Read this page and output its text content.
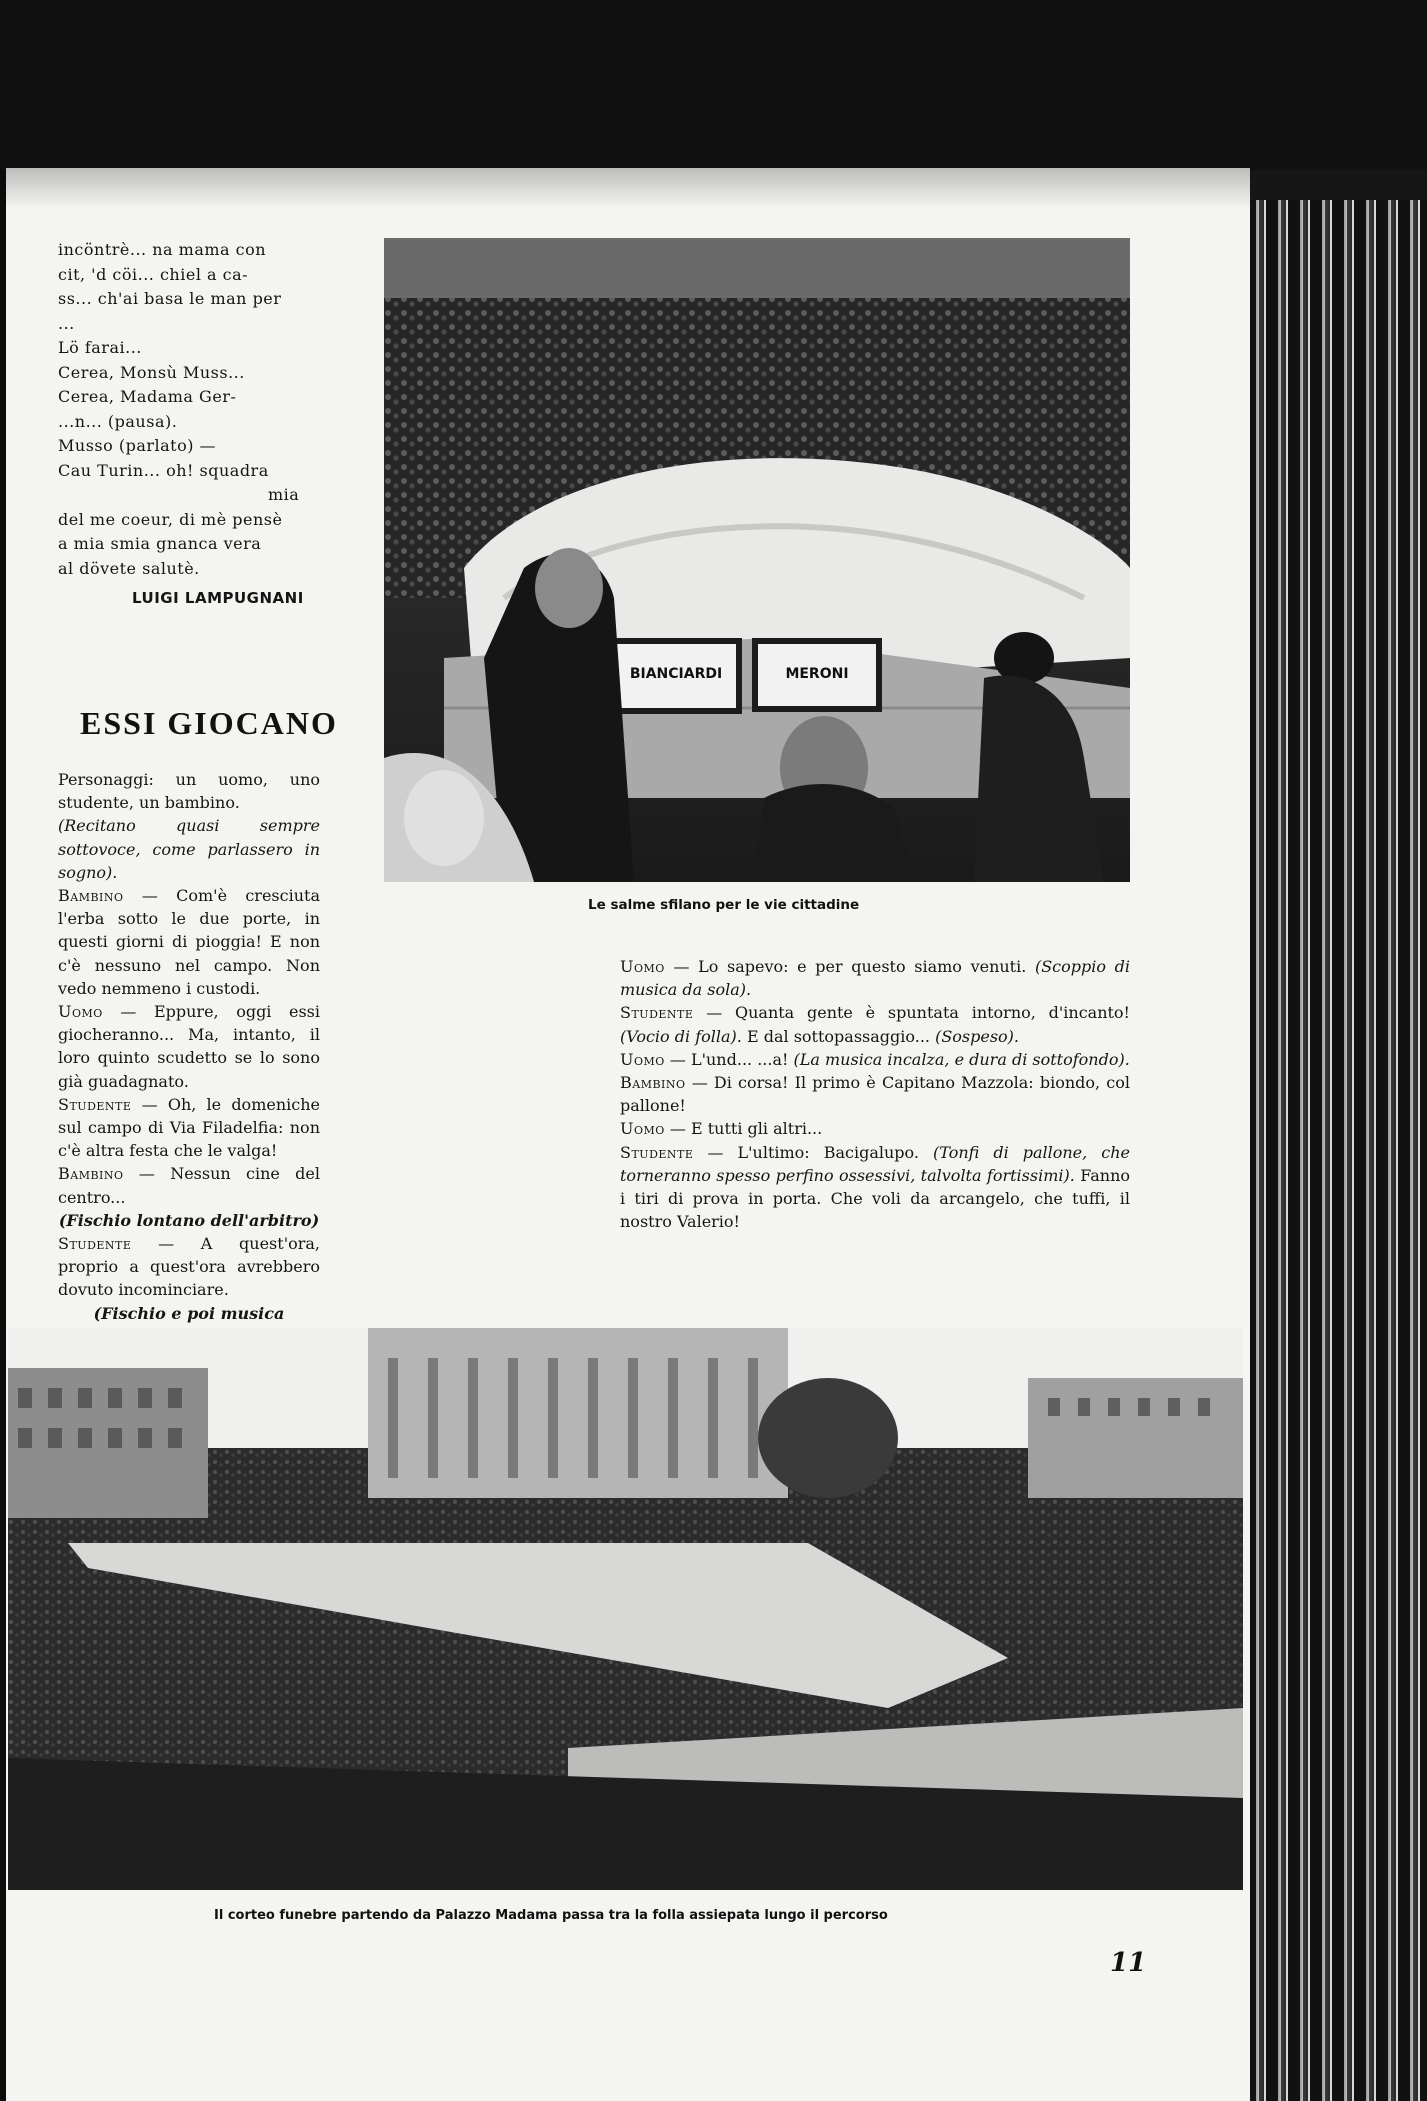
incöntrè... na mama con
cit, 'd cöi... chiel a ca-
ss... ch'ai basa le man per
...
Lö farai...
Cerea, Monsù Muss...
Cerea, Madama Ger-
...n... (pausa).
Musso (parlato) —
Cau Turin... oh! squadra
mia
del me coeur, di mè pensè
a mia smia gnanca vera
al dövete salutè.
LUIGI LAMPUGNANI
ESSI GIOCANO

Personaggi: un uomo, uno studente, un bambino.

(Recitano quasi sempre sottovoce, come parlassero in sogno).

Bambino — Com'è cresciuta l'erba sotto le due porte, in questi giorni di pioggia! E non c'è nessuno nel campo. Non vedo nemmeno i custodi.

Uomo — Eppure, oggi essi giocheranno... Ma, intanto, il loro quinto scudetto se lo sono già guadagnato.

Studente — Oh, le domeniche sul campo di Via Filadelfia: non c'è altra festa che le valga!

Bambino — Nessun cine del centro...

(Fischio lontano dell'arbitro)

Studente — A quest'ora, proprio a quest'ora avrebbero dovuto incominciare.

(Fischio e poi musica

BIANCIARDI	MERONI
Le salme sfilano per le vie cittadine

Uomo — Lo sapevo: e per questo siamo venuti. (Scoppio di musica da sola).

Studente — Quanta gente è spuntata intorno, d'incanto! (Vocio di folla). E dal sottopassaggio... (Sospeso).

Uomo — L'und... ...a! (La musica incalza, e dura di sottofondo).

Bambino — Di corsa! Il primo è Capitano Mazzola: biondo, col pallone!

Uomo — E tutti gli altri...

Studente — L'ultimo: Bacigalupo. (Tonfi di pallone, che torneranno spesso perfino ossessivi, talvolta fortissimi). Fanno i tiri di prova in porta. Che voli da arcangelo, che tuffi, il nostro Valerio!

Il corteo funebre partendo da Palazzo Madama passa tra la folla assiepata lungo il percorso
11
